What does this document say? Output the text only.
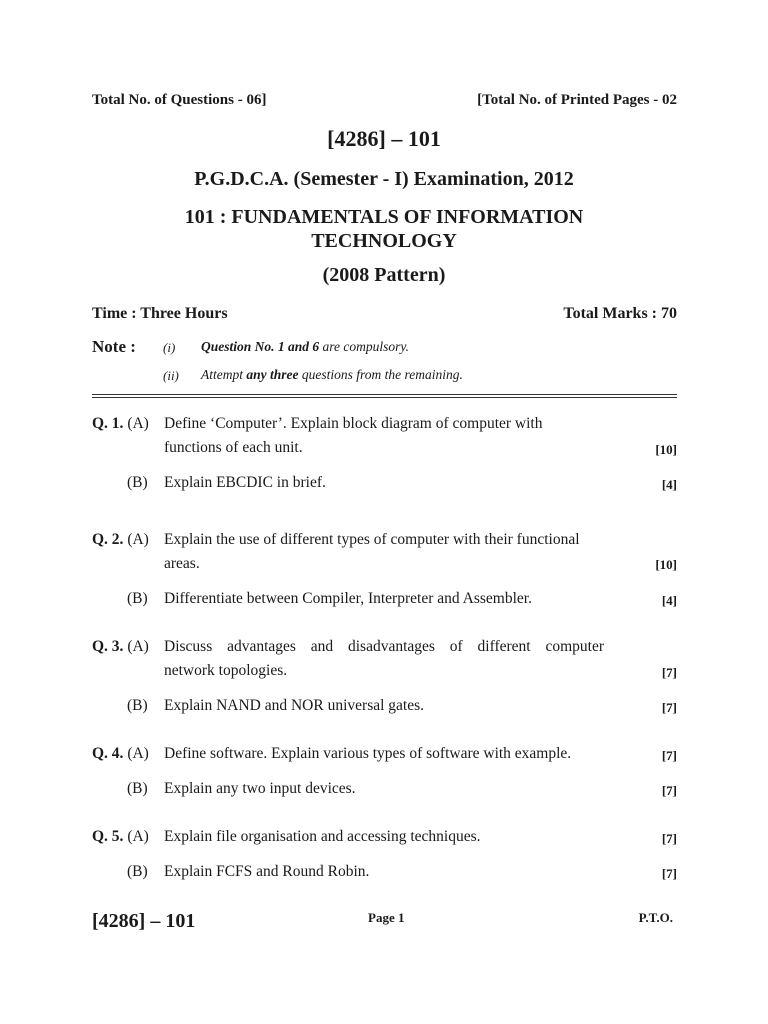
Total No. of Questions - 06]	[Total No. of Printed Pages - 02
[4286] – 101
P.G.D.C.A. (Semester - I) Examination, 2012
101 : FUNDAMENTALS OF INFORMATION
TECHNOLOGY
(2008 Pattern)
Time : Three Hours	Total Marks : 70
Note : (i) Question No. 1 and 6 are compulsory.
(ii) Attempt any three questions from the remaining.
Q. 1. (A) Define ‘Computer’. Explain block diagram of computer with
functions of each unit.	[10]
(B) Explain EBCDIC in brief.	[4]
Q. 2. (A) Explain the use of different types of computer with their functional
areas.	[10]
(B) Differentiate between Compiler, Interpreter and Assembler.	[4]
Q. 3. (A) Discuss advantages and disadvantages of different computer
network topologies.	[7]
(B) Explain NAND and NOR universal gates.	[7]
Q. 4. (A) Define software. Explain various types of software with example.	[7]
(B) Explain any two input devices.	[7]
Q. 5. (A) Explain file organisation and accessing techniques.	[7]
(B) Explain FCFS and Round Robin.	[7]
[4286] – 101	Page 1	P.T.O.
